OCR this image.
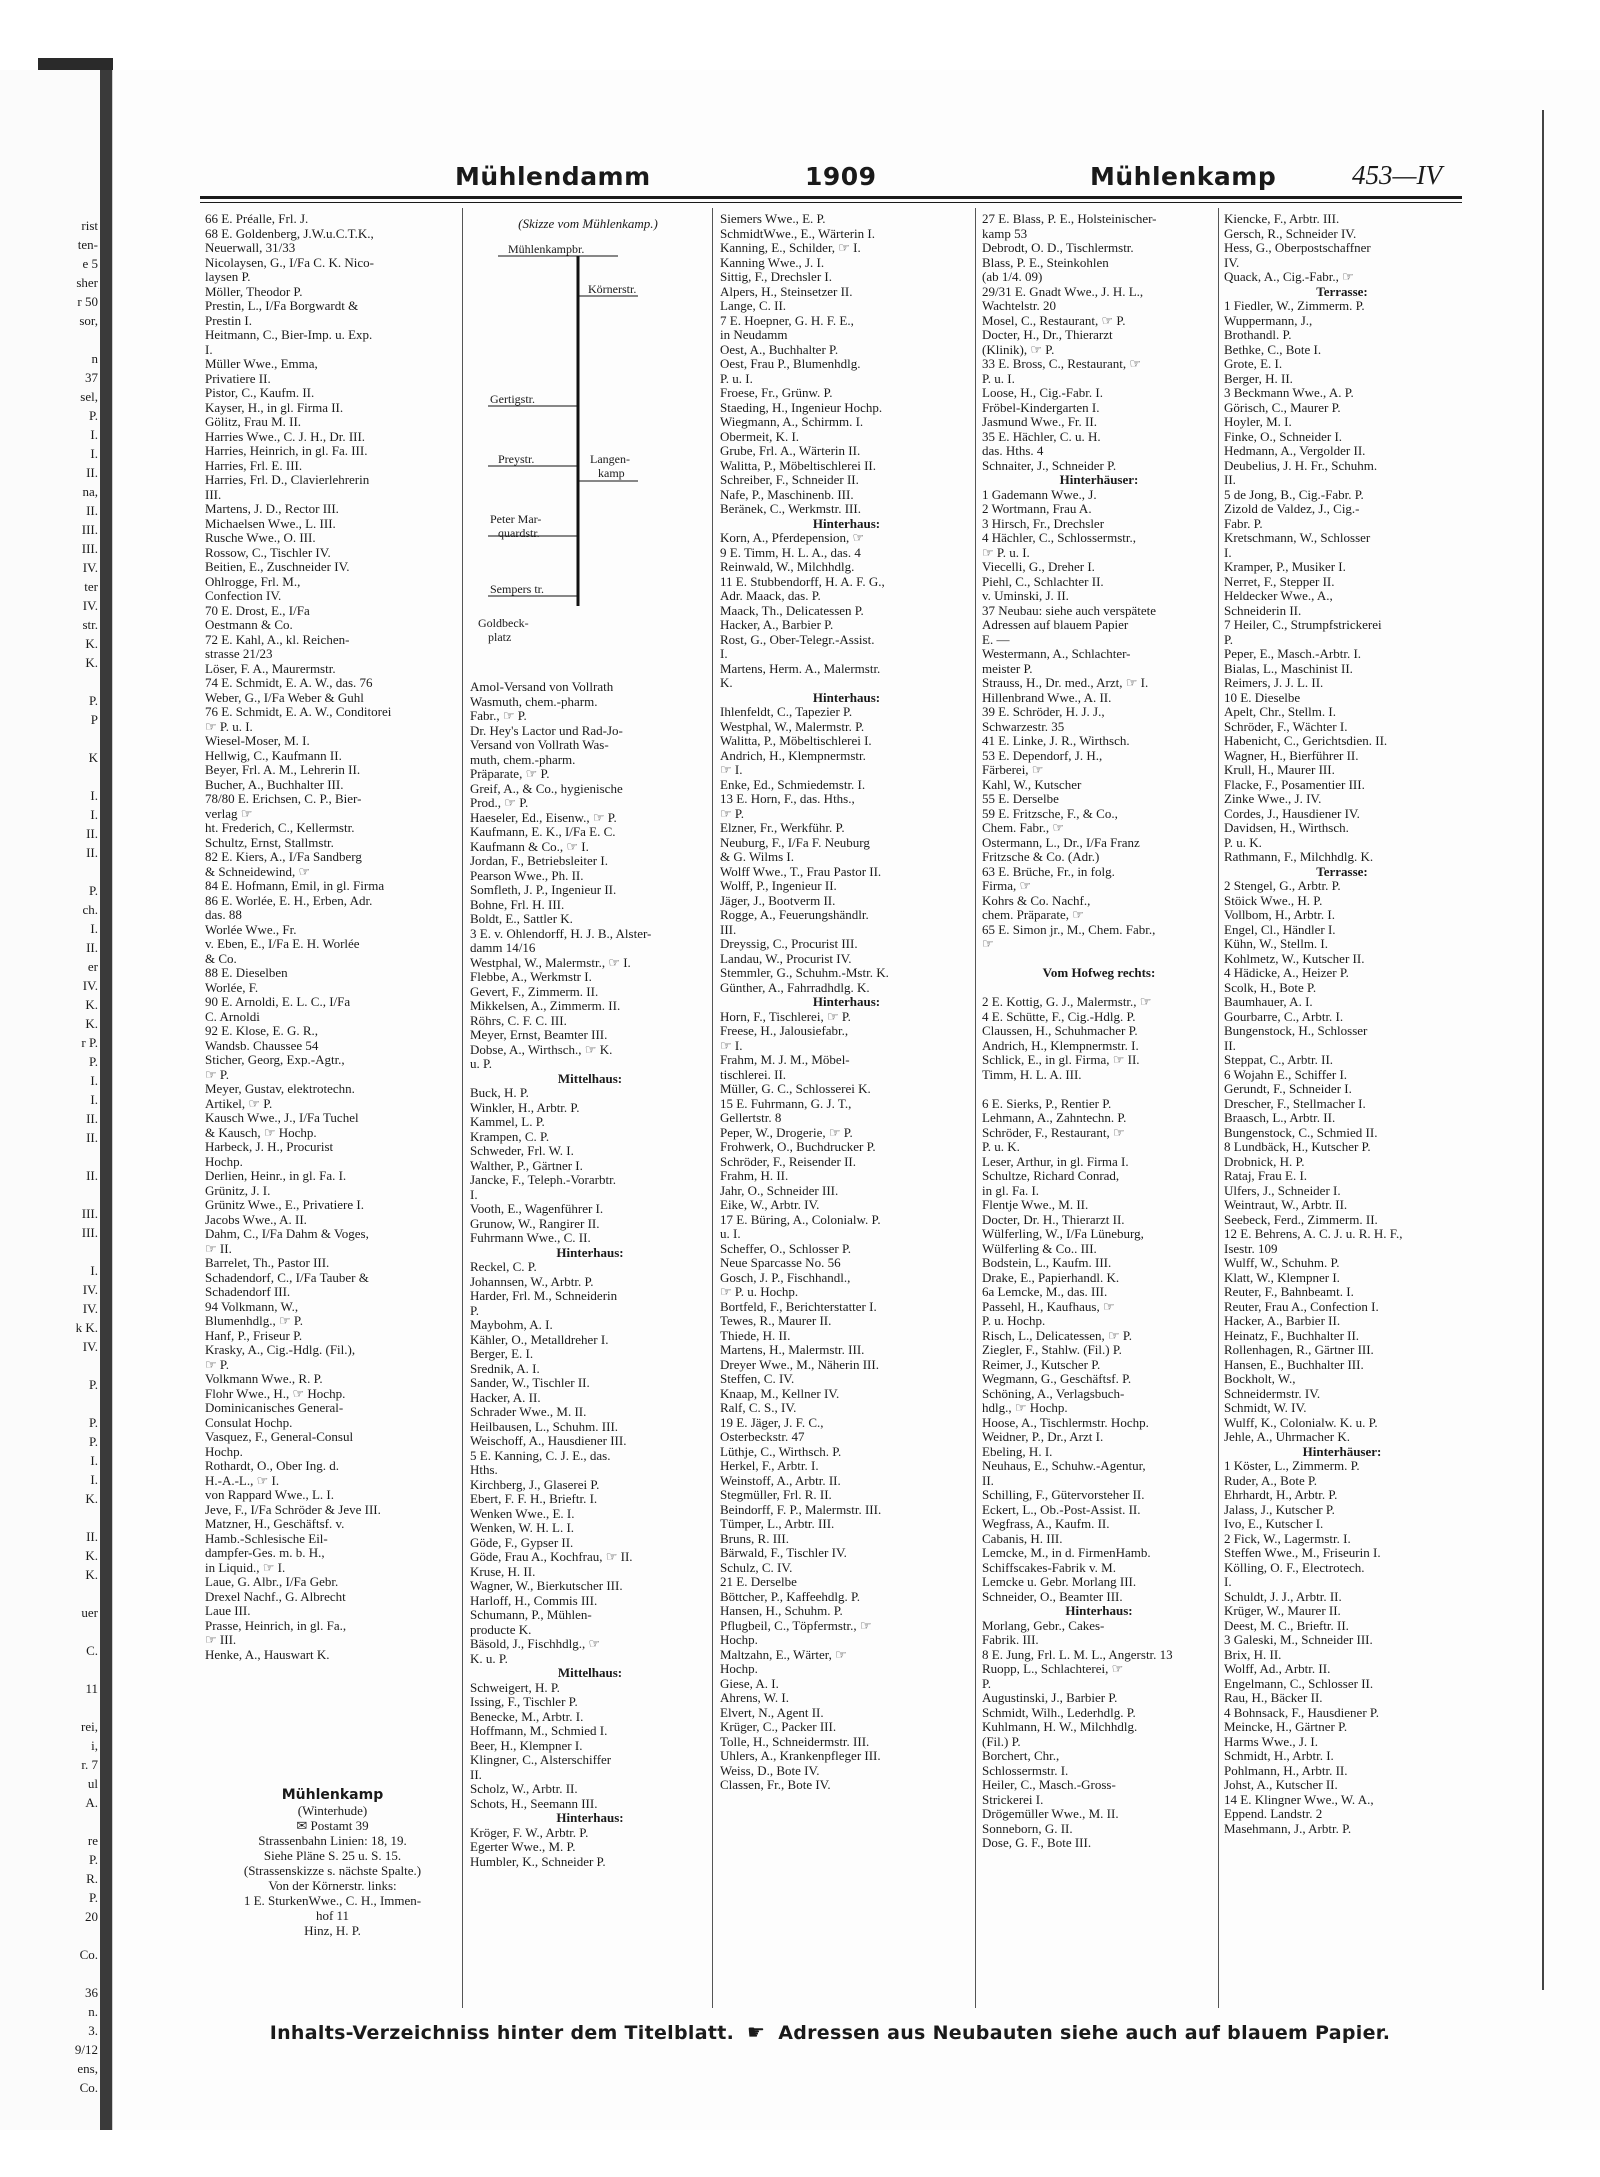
rist
ten-
e 5
sher
r 50
sor,
n
37
sel,
P.
I.
I.
II.
na,
II.
III.
III.
IV.
ter
IV.
str.
K.
K.
P.
P
K
I.
I.
II.
II.
P.
ch.
I.
II.
er
IV.
K.
K.
r P.
P.
I.
I.
II.
II.
II.
III.
III.
I.
IV.
IV.
k K.
IV.
P.
P.
P.
I.
I.
K.
II.
K.
K.
uer
C.
11
rei,
i,
r. 7
ul
A.
re
P.
R.
P.
20
Co.
36
n.
3.
9/12
ens,
Co.
Mühlendamm	1909	Mühlenkamp	453—IV
66 E. Préalle, Frl. J.
68 E. Goldenberg, J.W.u.C.T.K.,
Neuerwall, 31/33
Nicolaysen, G., I/Fa C. K. Nico-
laysen P.
Möller, Theodor P.
Prestin, L., I/Fa Borgwardt &
Prestin I.
Heitmann, C., Bier-Imp. u. Exp.
I.
Müller Wwe., Emma,
Privatiere II.
Pistor, C., Kaufm. II.
Kayser, H., in gl. Firma II.
Gölitz, Frau M. II.
Harries Wwe., C. J. H., Dr. III.
Harries, Heinrich, in gl. Fa. III.
Harries, Frl. E. III.
Harries, Frl. D., Clavierlehrerin
III.
Martens, J. D., Rector III.
Michaelsen Wwe., L. III.
Rusche Wwe., O. III.
Rossow, C., Tischler IV.
Beitien, E., Zuschneider IV.
Ohlrogge, Frl. M.,
Confection IV.
70 E. Drost, E., I/Fa
Oestmann & Co.
72 E. Kahl, A., kl. Reichen-
strasse 21/23
Löser, F. A., Maurermstr.
74 E. Schmidt, E. A. W., das. 76
Weber, G., I/Fa Weber & Guhl
76 E. Schmidt, E. A. W., Conditorei
☞ P. u. I.
Wiesel-Moser, M. I.
Hellwig, C., Kaufmann II.
Beyer, Frl. A. M., Lehrerin II.
Bucher, A., Buchhalter III.
78/80 E. Erichsen, C. P., Bier-
verlag ☞
ht. Frederich, C., Kellermstr.
Schultz, Ernst, Stallmstr.
82 E. Kiers, A., I/Fa Sandberg
& Schneidewind, ☞
84 E. Hofmann, Emil, in gl. Firma
86 E. Worlée, E. H., Erben, Adr.
das. 88
Worlée Wwe., Fr.
v. Eben, E., I/Fa E. H. Worlée
& Co.
88 E. Dieselben
Worlée, F.
90 E. Arnoldi, E. L. C., I/Fa
C. Arnoldi
92 E. Klose, E. G. R.,
Wandsb. Chaussee 54
Sticher, Georg, Exp.-Agtr.,
☞ P.
Meyer, Gustav, elektrotechn.
Artikel, ☞ P.
Kausch Wwe., J., I/Fa Tuchel
& Kausch, ☞ Hochp.
Harbeck, J. H., Procurist
Hochp.
Derlien, Heinr., in gl. Fa. I.
Grünitz, J. I.
Grünitz Wwe., E., Privatiere I.
Jacobs Wwe., A. II.
Dahm, C., I/Fa Dahm & Voges,
☞ II.
Barrelet, Th., Pastor III.
Schadendorf, C., I/Fa Tauber &
Schadendorf III.
94 Volkmann, W.,
Blumenhdlg., ☞ P.
Hanf, P., Friseur P.
Krasky, A., Cig.-Hdlg. (Fil.),
☞ P.
Volkmann Wwe., R. P.
Flohr Wwe., H., ☞ Hochp.
Dominicanisches General-
Consulat Hochp.
Vasquez, F., General-Consul
Hochp.
Rothardt, O., Ober Ing. d.
H.-A.-L., ☞ I.
von Rappard Wwe., L. I.
Jeve, F., I/Fa Schröder & Jeve III.
Matzner, H., Geschäftsf. v.
Hamb.-Schlesische Eil-
dampfer-Ges. m. b. H.,
in Liquid., ☞ I.
Laue, G. Albr., I/Fa Gebr.
Drexel Nachf., G. Albrecht
Laue III.
Prasse, Heinrich, in gl. Fa.,
☞ III.
Henke, A., Hauswart K.
(Skizze vom Mühlenkamp.)
Mühlenkampbr.
Körnerstr.
Gertigstr.
Preystr.	Langen-
kamp
Peter Mar-
quardstr.
Sempers tr.
Goldbeck-
platz
Amol-Versand von Vollrath
Wasmuth, chem.-pharm.
Fabr., ☞ P.
Dr. Hey's Lactor und Rad-Jo-
Versand von Vollrath Was-
muth, chem.-pharm.
Präparate, ☞ P.
Greif, A., & Co., hygienische
Prod., ☞ P.
Haeseler, Ed., Eisenw., ☞ P.
Kaufmann, E. K., I/Fa E. C.
Kaufmann & Co., ☞ I.
Jordan, F., Betriebsleiter I.
Pearson Wwe., Ph. II.
Somfleth, J. P., Ingenieur II.
Bohne, Frl. H. III.
Boldt, E., Sattler K.
3 E. v. Ohlendorff, H. J. B., Alster-
damm 14/16
Westphal, W., Malermstr., ☞ I.
Flebbe, A., Werkmstr I.
Gevert, F., Zimmerm. II.
Mikkelsen, A., Zimmerm. II.
Röhrs, C. F. C. III.
Meyer, Ernst, Beamter III.
Dobse, A., Wirthsch., ☞ K.
u. P.
Mittelhaus:
Buck, H. P.
Winkler, H., Arbtr. P.
Kammel, L. P.
Krampen, C. P.
Schweder, Frl. W. I.
Walther, P., Gärtner I.
Jancke, F., Teleph.-Vorarbtr.
I.
Vooth, E., Wagenführer I.
Grunow, W., Rangirer II.
Fuhrmann Wwe., C. II.
Hinterhaus:
Reckel, C. P.
Johannsen, W., Arbtr. P.
Harder, Frl. M., Schneiderin
P.
Maybohm, A. I.
Kähler, O., Metalldreher I.
Berger, E. I.
Srednik, A. I.
Sander, W., Tischler II.
Hacker, A. II.
Schrader Wwe., M. II.
Heilbausen, L., Schuhm. III.
Weischoff, A., Hausdiener III.
5 E. Kanning, C. J. E., das.
Hths.
Kirchberg, J., Glaserei P.
Ebert, F. F. H., Brieftr. I.
Wenken Wwe., E. I.
Wenken, W. H. L. I.
Göde, F., Gypser II.
Göde, Frau A., Kochfrau, ☞ II.
Kruse, H. II.
Wagner, W., Bierkutscher III.
Harloff, H., Commis III.
Schumann, P., Mühlen-
producte K.
Bäsold, J., Fischhdlg., ☞
K. u. P.
Mittelhaus:
Schweigert, H. P.
Issing, F., Tischler P.
Benecke, M., Arbtr. I.
Hoffmann, M., Schmied I.
Beer, H., Klempner I.
Klingner, C., Alsterschiffer
II.
Scholz, W., Arbtr. II.
Schots, H., Seemann III.
Hinterhaus:
Kröger, F. W., Arbtr. P.
Egerter Wwe., M. P.
Humbler, K., Schneider P.
Siemers Wwe., E. P.
SchmidtWwe., E., Wärterin I.
Kanning, E., Schilder, ☞ I.
Kanning Wwe., J. I.
Sittig, F., Drechsler I.
Alpers, H., Steinsetzer II.
Lange, C. II.
7 E. Hoepner, G. H. F. E.,
in Neudamm
Oest, A., Buchhalter P.
Oest, Frau P., Blumenhdlg.
P. u. I.
Froese, Fr., Grünw. P.
Staeding, H., Ingenieur Hochp.
Wiegmann, A., Schirmm. I.
Obermeit, K. I.
Grube, Frl. A., Wärterin II.
Walitta, P., Möbeltischlerei II.
Schreiber, F., Schneider II.
Nafe, P., Maschinenb. III.
Beränek, C., Werkmstr. III.
Hinterhaus:
Korn, A., Pferdepension, ☞
9 E. Timm, H. L. A., das. 4
Reinwald, W., Milchhdlg.
11 E. Stubbendorff, H. A. F. G.,
Adr. Maack, das. P.
Maack, Th., Delicatessen P.
Hacker, A., Barbier P.
Rost, G., Ober-Telegr.-Assist.
I.
Martens, Herm. A., Malermstr.
K.
Hinterhaus:
Ihlenfeldt, C., Tapezier P.
Westphal, W., Malermstr. P.
Walitta, P., Möbeltischlerei I.
Andrich, H., Klempnermstr.
☞ I.
Enke, Ed., Schmiedemstr. I.
13 E. Horn, F., das. Hths.,
☞ P.
Elzner, Fr., Werkführ. P.
Neuburg, F., I/Fa F. Neuburg
& G. Wilms I.
Wolff Wwe., T., Frau Pastor II.
Wolff, P., Ingenieur II.
Jäger, J., Bootverm II.
Rogge, A., Feuerungshändlr.
III.
Dreyssig, C., Procurist III.
Landau, W., Procurist IV.
Stemmler, G., Schuhm.-Mstr. K.
Günther, A., Fahrradhdlg. K.
Hinterhaus:
Horn, F., Tischlerei, ☞ P.
Freese, H., Jalousiefabr.,
☞ I.
Frahm, M. J. M., Möbel-
tischlerei. II.
Müller, G. C., Schlosserei K.
15 E. Fuhrmann, G. J. T.,
Gellertstr. 8
Peper, W., Drogerie, ☞ P.
Frohwerk, O., Buchdrucker P.
Schröder, F., Reisender II.
Frahm, H. II.
Jahr, O., Schneider III.
Eike, W., Arbtr. IV.
17 E. Büring, A., Colonialw. P.
u. I.
Scheffer, O., Schlosser P.
Neue Sparcasse No. 56
Gosch, J. P., Fischhandl.,
☞ P. u. Hochp.
Bortfeld, F., Berichterstatter I.
Tewes, R., Maurer II.
Thiede, H. II.
Martens, H., Malermstr. III.
Dreyer Wwe., M., Näherin III.
Steffen, C. IV.
Knaap, M., Kellner IV.
Ralf, C. S., IV.
19 E. Jäger, J. F. C.,
Osterbeckstr. 47
Lüthje, C., Wirthsch. P.
Herkel, F., Arbtr. I.
Weinstoff, A., Arbtr. II.
Stegmüller, Frl. R. II.
Beindorff, F. P., Malermstr. III.
Tümper, L., Arbtr. III.
Bruns, R. III.
Bärwald, F., Tischler IV.
Schulz, C. IV.
21 E. Derselbe
Böttcher, P., Kaffeehdlg. P.
Hansen, H., Schuhm. P.
Pflugbeil, C., Töpfermstr., ☞
Hochp.
Maltzahn, E., Wärter, ☞
Hochp.
Giese, A. I.
Ahrens, W. I.
Elvert, N., Agent II.
Krüger, C., Packer III.
Tolle, H., Schneidermstr. III.
Uhlers, A., Krankenpfleger III.
Weiss, D., Bote IV.
Classen, Fr., Bote IV.
27 E. Blass, P. E., Holsteinischer-
kamp 53
Debrodt, O. D., Tischlermstr.
Blass, P. E., Steinkohlen
(ab 1/4. 09)
29/31 E. Gnadt Wwe., J. H. L.,
Wachtelstr. 20
Mosel, C., Restaurant, ☞ P.
Docter, H., Dr., Thierarzt
(Klinik), ☞ P.
33 E. Bross, C., Restaurant, ☞
P. u. I.
Loose, H., Cig.-Fabr. I.
Fröbel-Kindergarten I.
Jasmund Wwe., Fr. II.
35 E. Hächler, C. u. H.
das. Hths. 4
Schnaiter, J., Schneider P.
Hinterhäuser:
1 Gademann Wwe., J.
2 Wortmann, Frau A.
3 Hirsch, Fr., Drechsler
4 Hächler, C., Schlossermstr.,
☞ P. u. I.
Viecelli, G., Dreher I.
Piehl, C., Schlachter II.
v. Uminski, J. II.
37 Neubau: siehe auch verspätete
Adressen auf blauem Papier
E. —
Westermann, A., Schlachter-
meister P.
Strauss, H., Dr. med., Arzt, ☞ I.
Hillenbrand Wwe., A. II.
39 E. Schröder, H. J. J.,
Schwarzestr. 35
41 E. Linke, J. R., Wirthsch.
53 E. Dependorf, J. H.,
Färberei, ☞
Kahl, W., Kutscher
55 E. Derselbe
59 E. Fritzsche, F., & Co.,
Chem. Fabr., ☞
Ostermann, L., Dr., I/Fa Franz
Fritzsche & Co. (Adr.)
63 E. Brüche, Fr., in folg.
Firma, ☞
Kohrs & Co. Nachf.,
chem. Präparate, ☞
65 E. Simon jr., M., Chem. Fabr.,
☞
Vom Hofweg rechts:
2 E. Kottig, G. J., Malermstr., ☞
4 E. Schütte, F., Cig.-Hdlg. P.
Claussen, H., Schuhmacher P.
Andrich, H., Klempnermstr. I.
Schlick, E., in gl. Firma, ☞ II.
Timm, H. L. A. III.
6 E. Sierks, P., Rentier P.
Lehmann, A., Zahntechn. P.
Schröder, F., Restaurant, ☞
P. u. K.
Leser, Arthur, in gl. Firma I.
Schultze, Richard Conrad,
in gl. Fa. I.
Flentje Wwe., M. II.
Docter, Dr. H., Thierarzt II.
Wülferling, W., I/Fa Lüneburg,
Wülferling & Co.. III.
Bodstein, L., Kaufm. III.
Drake, E., Papierhandl. K.
6a Lemcke, M., das. III.
Passehl, H., Kaufhaus, ☞
P. u. Hochp.
Risch, L., Delicatessen, ☞ P.
Ziegler, F., Stahlw. (Fil.) P.
Reimer, J., Kutscher P.
Wegmann, G., Geschäftsf. P.
Schöning, A., Verlagsbuch-
hdlg., ☞ Hochp.
Hoose, A., Tischlermstr. Hochp.
Weidner, P., Dr., Arzt I.
Ebeling, H. I.
Neuhaus, E., Schuhw.-Agentur,
II.
Schilling, F., Gütervorsteher II.
Eckert, L., Ob.-Post-Assist. II.
Wegfrass, A., Kaufm. II.
Cabanis, H. III.
Lemcke, M., in d. FirmenHamb.
Schiffscakes-Fabrik v. M.
Lemcke u. Gebr. Morlang III.
Schneider, O., Beamter III.
Hinterhaus:
Morlang, Gebr., Cakes-
Fabrik. III.
8 E. Jung, Frl. L. M. L., Angerstr. 13
Ruopp, L., Schlachterei, ☞
P.
Augustinski, J., Barbier P.
Schmidt, Wilh., Lederhdlg. P.
Kuhlmann, H. W., Milchhdlg.
(Fil.) P.
Borchert, Chr.,
Schlossermstr. I.
Heiler, C., Masch.-Gross-
Strickerei I.
Drögemüller Wwe., M. II.
Sonneborn, G. II.
Dose, G. F., Bote III.
Kiencke, F., Arbtr. III.
Gersch, R., Schneider IV.
Hess, G., Oberpostschaffner
IV.
Quack, A., Cig.-Fabr., ☞
Terrasse:
1 Fiedler, W., Zimmerm. P.
Wuppermann, J.,
Brothandl. P.
Bethke, C., Bote I.
Grote, E. I.
Berger, H. II.
3 Beckmann Wwe., A. P.
Görisch, C., Maurer P.
Hoyler, M. I.
Finke, O., Schneider I.
Hedmann, A., Vergolder II.
Deubelius, J. H. Fr., Schuhm.
II.
5 de Jong, B., Cig.-Fabr. P.
Zizold de Valdez, J., Cig.-
Fabr. P.
Kretschmann, W., Schlosser
I.
Kramper, P., Musiker I.
Nerret, F., Stepper II.
Heldecker Wwe., A.,
Schneiderin II.
7 Heiler, C., Strumpfstrickerei
P.
Peper, E., Masch.-Arbtr. I.
Bialas, L., Maschinist II.
Reimers, J. J. L. II.
10 E. Dieselbe
Apelt, Chr., Stellm. I.
Schröder, F., Wächter I.
Habenicht, C., Gerichtsdien. II.
Wagner, H., Bierführer II.
Krull, H., Maurer III.
Flacke, F., Posamentier III.
Zinke Wwe., J. IV.
Cordes, J., Hausdiener IV.
Davidsen, H., Wirthsch.
P. u. K.
Rathmann, F., Milchhdlg. K.
Terrasse:
2 Stengel, G., Arbtr. P.
Stöick Wwe., H. P.
Vollbom, H., Arbtr. I.
Engel, Cl., Händler I.
Kühn, W., Stellm. I.
Kohlmetz, W., Kutscher II.
4 Hädicke, A., Heizer P.
Scolk, H., Bote P.
Baumhauer, A. I.
Gourbarre, C., Arbtr. I.
Bungenstock, H., Schlosser
II.
Steppat, C., Arbtr. II.
6 Wojahn E., Schiffer I.
Gerundt, F., Schneider I.
Drescher, F., Stellmacher I.
Braasch, L., Arbtr. II.
Bungenstock, C., Schmied II.
8 Lundbäck, H., Kutscher P.
Drobnick, H. P.
Rataj, Frau E. I.
Ulfers, J., Schneider I.
Weintraut, W., Arbtr. II.
Seebeck, Ferd., Zimmerm. II.
12 E. Behrens, A. C. J. u. R. H. F.,
Isestr. 109
Wulff, W., Schuhm. P.
Klatt, W., Klempner I.
Reuter, F., Bahnbeamt. I.
Reuter, Frau A., Confection I.
Hacker, A., Barbier II.
Heinatz, F., Buchhalter II.
Rollenhagen, R., Gärtner III.
Hansen, E., Buchhalter III.
Bockholt, W.,
Schneidermstr. IV.
Schmidt, W. IV.
Wulff, K., Colonialw. K. u. P.
Jehle, A., Uhrmacher K.
Hinterhäuser:
1 Köster, L., Zimmerm. P.
Ruder, A., Bote P.
Ehrhardt, H., Arbtr. P.
Jalass, J., Kutscher P.
Ivo, E., Kutscher I.
2 Fick, W., Lagermstr. I.
Steffen Wwe., M., Friseurin I.
Kölling, O. F., Electrotech.
I.
Schuldt, J. J., Arbtr. II.
Krüger, W., Maurer II.
Deest, M. C., Brieftr. II.
3 Galeski, M., Schneider III.
Brix, H. II.
Wolff, Ad., Arbtr. II.
Engelmann, C., Schlosser II.
Rau, H., Bäcker II.
4 Bohnsack, F., Hausdiener P.
Meincke, H., Gärtner P.
Harms Wwe., J. I.
Schmidt, H., Arbtr. I.
Pohlmann, H., Arbtr. II.
Johst, A., Kutscher II.
14 E. Klingner Wwe., W. A.,
Eppend. Landstr. 2
Masehmann, J., Arbtr. P.
Inhalts-Verzeichniss hinter dem Titelblatt. ☛ Adressen aus Neubauten siehe auch auf blauem Papier.
Mühlenkamp
(Winterhude)
✉ Postamt 39
Strassenbahn Linien: 18, 19.
Siehe Pläne S. 25 u. S. 15.
(Strassenskizze s. nächste Spalte.)
Von der Körnerstr. links:
1 E. SturkenWwe., C. H., Immen-
hof 11
Hinz, H. P.
